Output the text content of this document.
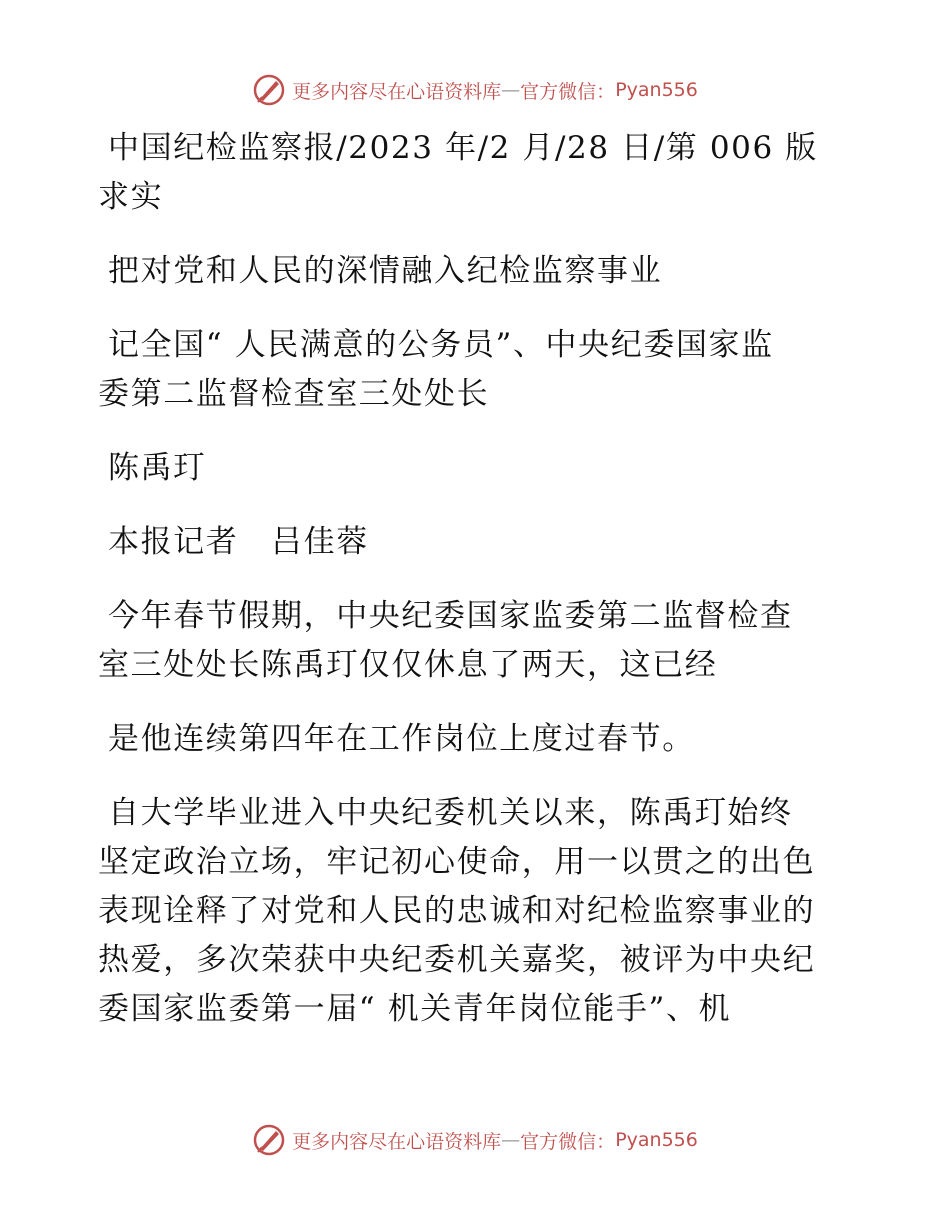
更多内容尽在心语资料库 — 官方微信： Pyan556
中国纪检监察报/2023 年/2 月/28 日/第 006 版
求实
把对党和人民的深情融入纪检监察事业
记全国“ 人民满意的公务员”、中央纪委国家监
委第二监督检查室三处处长
陈禹玎
本报记者　吕佳蓉
今年春节假期，中央纪委国家监委第二监督检查
室三处处长陈禹玎仅仅休息了两天，这已经
是他连续第四年在工作岗位上度过春节。
自大学毕业进入中央纪委机关以来，陈禹玎始终
坚定政治立场，牢记初心使命，用一以贯之的出色
表现诠释了对党和人民的忠诚和对纪检监察事业的
热爱，多次荣获中央纪委机关嘉奖，被评为中央纪
委国家监委第一届“ 机关青年岗位能手”、机
更多内容尽在心语资料库 — 官方微信： Pyan556
